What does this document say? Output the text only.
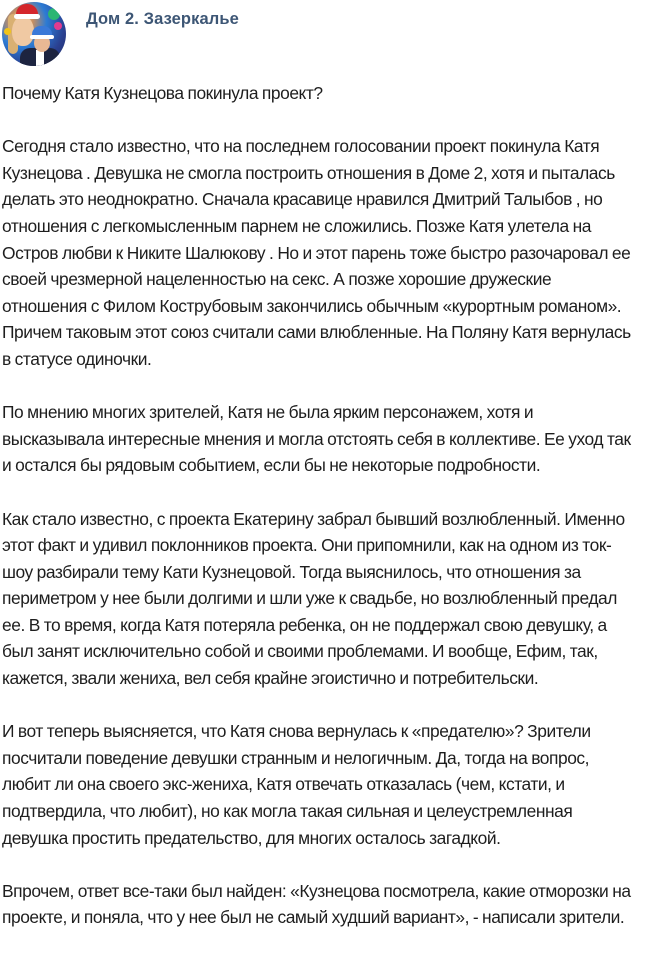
Дом 2. Зазеркалье

Почему Катя Кузнецова покинула проект?

Сегодня стало известно, что на последнем голосовании проект покинула Катя
Кузнецова . Девушка не смогла построить отношения в Доме 2, хотя и пыталась
делать это неоднократно. Сначала красавице нравился Дмитрий Талыбов , но
отношения с легкомысленным парнем не сложились. Позже Катя улетела на
Остров любви к Никите Шалюкову . Но и этот парень тоже быстро разочаровал ее
своей чрезмерной нацеленностью на секс. А позже хорошие дружеские
отношения с Филом Кострубовым закончились обычным «курортным романом».
Причем таковым этот союз считали сами влюбленные. На Поляну Катя вернулась
в статусе одиночки.

По мнению многих зрителей, Катя не была ярким персонажем, хотя и
высказывала интересные мнения и могла отстоять себя в коллективе. Ее уход так
и остался бы рядовым событием, если бы не некоторые подробности.

Как стало известно, с проекта Екатерину забрал бывший возлюбленный. Именно
этот факт и удивил поклонников проекта. Они припомнили, как на одном из ток-
шоу разбирали тему Кати Кузнецовой. Тогда выяснилось, что отношения за
периметром у нее были долгими и шли уже к свадьбе, но возлюбленный предал
ее. В то время, когда Катя потеряла ребенка, он не поддержал свою девушку, а
был занят исключительно собой и своими проблемами. И вообще, Ефим, так,
кажется, звали жениха, вел себя крайне эгоистично и потребительски.

И вот теперь выясняется, что Катя снова вернулась к «предателю»? Зрители
посчитали поведение девушки странным и нелогичным. Да, тогда на вопрос,
любит ли она своего экс-жениха, Катя отвечать отказалась (чем, кстати, и
подтвердила, что любит), но как могла такая сильная и целеустремленная
девушка простить предательство, для многих осталось загадкой.

Впрочем, ответ все-таки был найден: «Кузнецова посмотрела, какие отморозки на
проекте, и поняла, что у нее был не самый худший вариант», - написали зрители.
